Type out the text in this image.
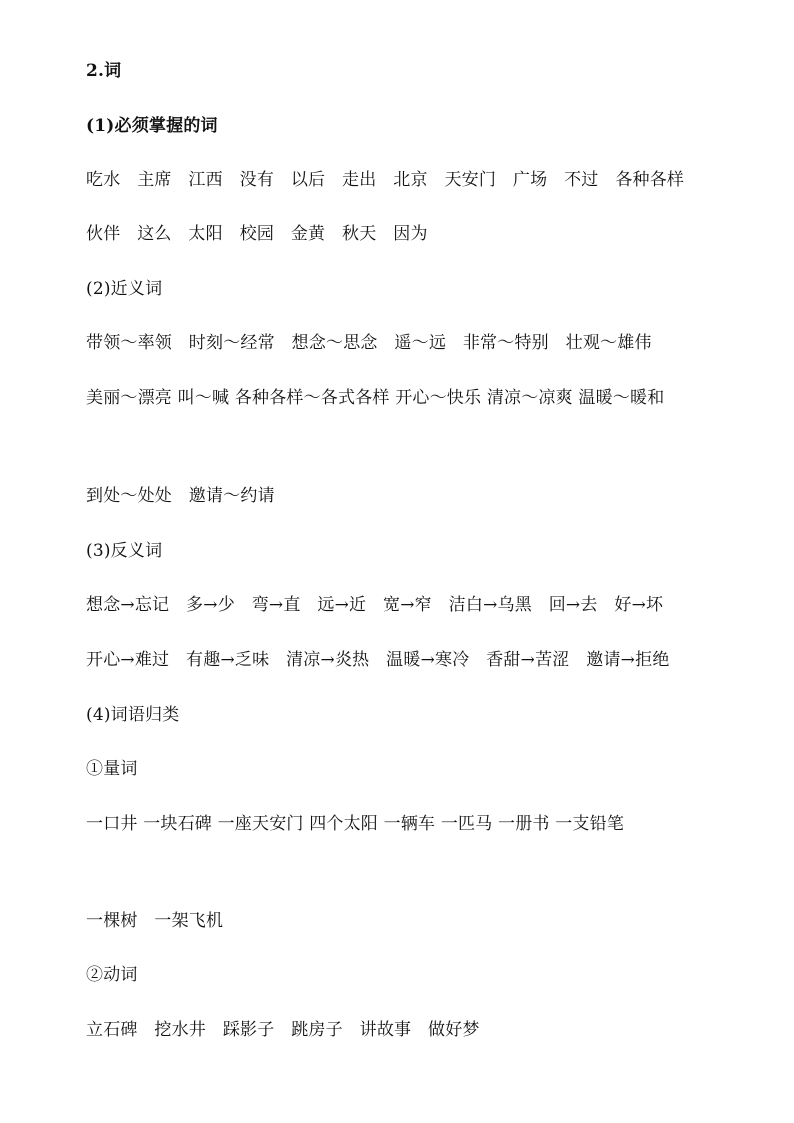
2.词
(1)必须掌握的词
吃水   主席   江西   没有   以后   走出   北京   天安门   广场   不过   各种各样
伙伴   这么   太阳   校园   金黄   秋天   因为
(2)近义词
带领～率领   时刻～经常   想念～思念   遥～远   非常～特别   壮观～雄伟
美丽～漂亮 叫～喊 各种各样～各式各样 开心～快乐 清凉～凉爽 温暖～暖和
到处～处处   邀请～约请
(3)反义词
想念→忘记   多→少   弯→直   远→近   宽→窄   洁白→乌黑   回→去   好→坏
开心→难过   有趣→乏味   清凉→炎热   温暖→寒冷   香甜→苦涩   邀请→拒绝
(4)词语归类
①量词
一口井 一块石碑 一座天安门 四个太阳 一辆车 一匹马 一册书 一支铅笔
一棵树   一架飞机
②动词
立石碑   挖水井   踩影子   跳房子   讲故事   做好梦
